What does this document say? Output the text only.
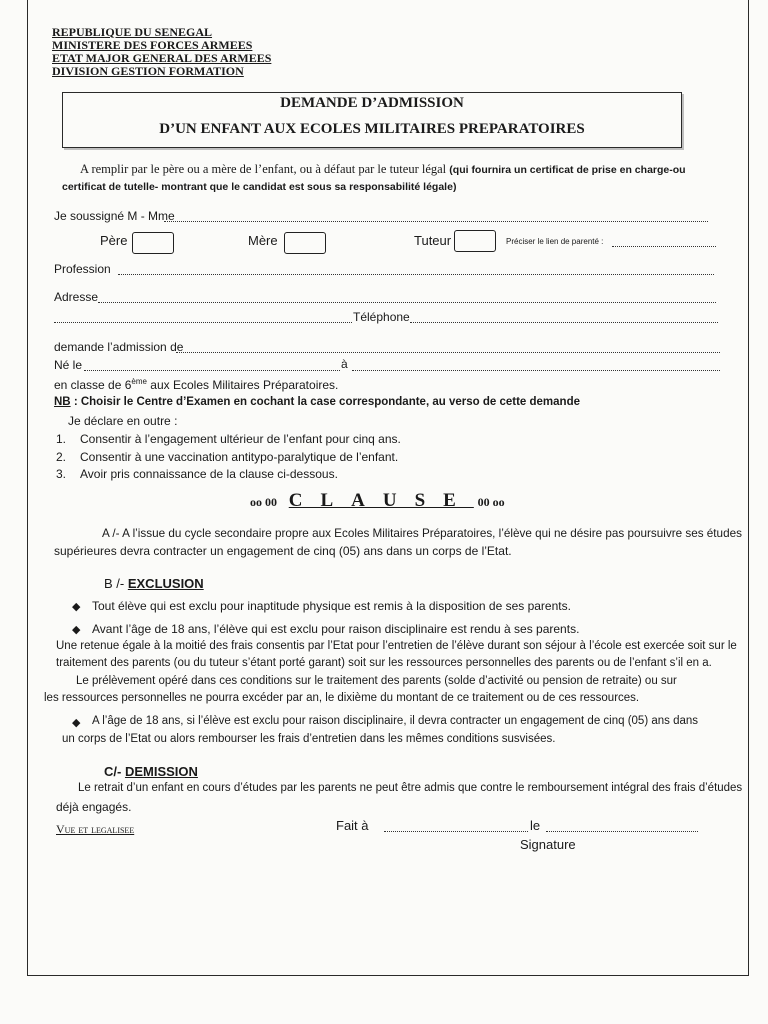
REPUBLIQUE DU SENEGAL
MINISTERE DES FORCES ARMEES
ETAT MAJOR GENERAL DES ARMEES
DIVISION GESTION FORMATION
DEMANDE D’ADMISSION
D’UN ENFANT AUX ECOLES MILITAIRES PREPARATOIRES
A remplir par le père ou a mère de l’enfant, ou à défaut par le tuteur légal (qui fournira un certificat de prise en charge-ou
certificat de tutelle- montrant que le candidat est sous sa responsabilité légale)
Je soussigné M - Mme
Père	Mère	Tuteur	Préciser le lien de parenté :
Profession
Adresse
Téléphone
demande l’admission de
Né le	à
en classe de 6ème aux Ecoles Militaires Préparatoires.
NB : Choisir le Centre d’Examen en cochant la case correspondante, au verso de cette demande
Je déclare en outre :
1. Consentir à l’engagement ultérieur de l’enfant pour cinq ans.
2. Consentir à une vaccination antitypo-paralytique de l’enfant.
3. Avoir pris connaissance de la clause ci-dessous.
oo 00 CLAUSE 00 oo
A /- A l’issue du cycle secondaire propre aux Ecoles Militaires Préparatoires, l’élève qui ne désire pas poursuivre ses études
supérieures devra contracter un engagement de cinq (05) ans dans un corps de l’Etat.
B /- EXCLUSION
◆ Tout élève qui est exclu pour inaptitude physique est remis à la disposition de ses parents.
◆ Avant l’âge de 18 ans, l’élève qui est exclu pour raison disciplinaire est rendu à ses parents.
Une retenue égale à la moitié des frais consentis par l’Etat pour l’entretien de l’élève durant son séjour à l’école est exercée soit sur le
traitement des parents (ou du tuteur s’étant porté garant) soit sur les ressources personnelles des parents ou de l’enfant s’il en a.
Le prélèvement opéré dans ces conditions sur le traitement des parents (solde d’activité ou pension de retraite) ou sur
les ressources personnelles ne pourra excéder par an, le dixième du montant de ce traitement ou de ces ressources.
◆ A l’âge de 18 ans, si l’élève est exclu pour raison disciplinaire, il devra contracter un engagement de cinq (05) ans dans
un corps de l’Etat ou alors rembourser les frais d’entretien dans les mêmes conditions susvisées.
C/- DEMISSION
Le retrait d’un enfant en cours d’études par les parents ne peut être admis que contre le remboursement intégral des frais d’études
déjà engagés.
Vue et legalisee	Fait à	le
Signature
